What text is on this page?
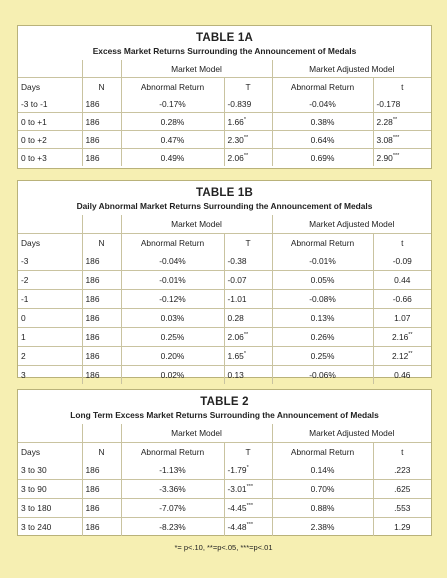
TABLE 1A
Excess Market Returns Surrounding the Announcement of Medals
		Market Model		Market Adjusted Model	
Days	N	Abnormal Return	T	Abnormal Return	t
-3 to -1	186	-0.17%	-0.839	-0.04%	-0.178
0 to +1	186	0.28%	1.66*	0.38%	2.28**
0 to +2	186	0.47%	2.30**	0.64%	3.08***
0 to +3	186	0.49%	2.06**	0.69%	2.90***
TABLE 1B
Daily Abnormal Market Returns Surrounding the Announcement of Medals
		Market Model		Market Adjusted Model	
Days	N	Abnormal Return	T	Abnormal Return	t
-3	186	-0.04%	-0.38	-0.01%	-0.09
-2	186	-0.01%	-0.07	0.05%	0.44
-1	186	-0.12%	-1.01	-0.08%	-0.66
0	186	0.03%	0.28	0.13%	1.07
1	186	0.25%	2.06**	0.26%	2.16**
2	186	0.20%	1.65*	0.25%	2.12**
3	186	0.02%	0.13	-0.06%	0.46
TABLE 2
Long Term Excess Market Returns Surrounding the Announcement of Medals
		Market Model		Market Adjusted Model	
Days	N	Abnormal Return	T	Abnormal Return	t
3 to 30	186	-1.13%	-1.79*	0.14%	.223
3 to 90	186	-3.36%	-3.01***	0.70%	.625
3 to 180	186	-7.07%	-4.45***	0.88%	.553
3 to 240	186	-8.23%	-4.48***	2.38%	1.29
*= p<.10, **=p<.05, ***=p<.01
